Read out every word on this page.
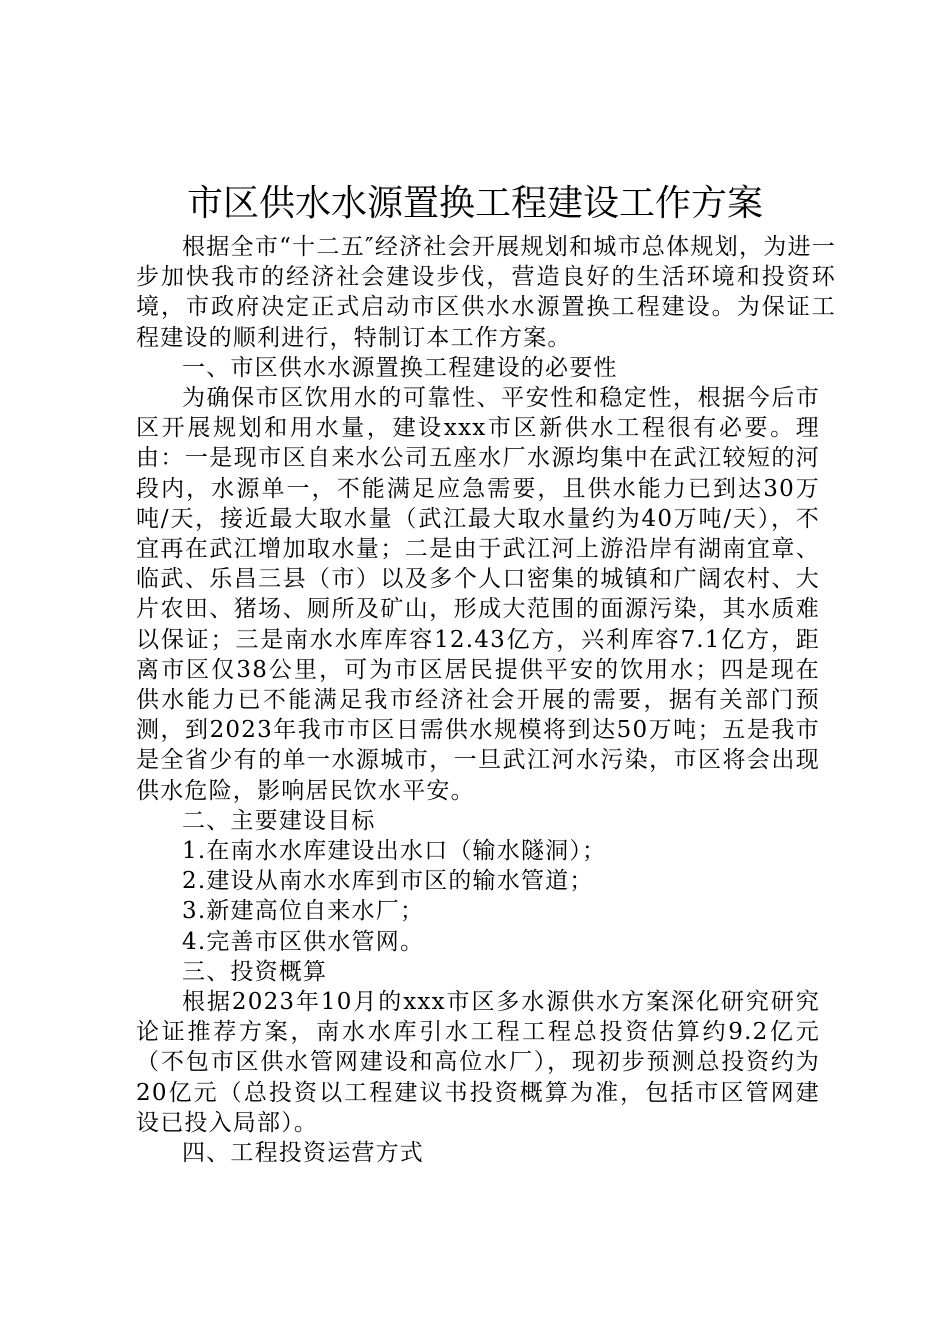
市区供水水源置换工程建设工作方案

根据全市“十二五″经济社会开展规划和城市总体规划，为进一步加快我市的经济社会建设步伐，营造良好的生活环境和投资环境，市政府决定正式启动市区供水水源置换工程建设。为保证工程建设的顺利进行，特制订本工作方案。

一、市区供水水源置换工程建设的必要性

为确保市区饮用水的可靠性、平安性和稳定性，根据今后市区开展规划和用水量，建设xxx市区新供水工程很有必要。理由：一是现市区自来水公司五座水厂水源均集中在武江较短的河段内，水源单一，不能满足应急需要，且供水能力已到达30万吨/天，接近最大取水量（武江最大取水量约为40万吨/天），不宜再在武江增加取水量；二是由于武江河上游沿岸有湖南宜章、临武、乐昌三县（市）以及多个人口密集的城镇和广阔农村、大片农田、猪场、厕所及矿山，形成大范围的面源污染，其水质难以保证；三是南水水库库容12.43亿方，兴利库容7.1亿方，距离市区仅38公里，可为市区居民提供平安的饮用水；四是现在供水能力已不能满足我市经济社会开展的需要，据有关部门预测，到2023年我市市区日需供水规模将到达50万吨；五是我市是全省少有的单一水源城市，一旦武江河水污染，市区将会出现供水危险，影响居民饮水平安。

二、主要建设目标

1.在南水水库建设出水口（输水隧洞）；

2.建设从南水水库到市区的输水管道；

3.新建高位自来水厂；

4.完善市区供水管网。

三、投资概算

根据2023年10月的xxx市区多水源供水方案深化研究研究论证推荐方案，南水水库引水工程工程总投资估算约9.2亿元（不包市区供水管网建设和高位水厂），现初步预测总投资约为20亿元（总投资以工程建议书投资概算为准，包括市区管网建设已投入局部）。

四、工程投资运营方式
